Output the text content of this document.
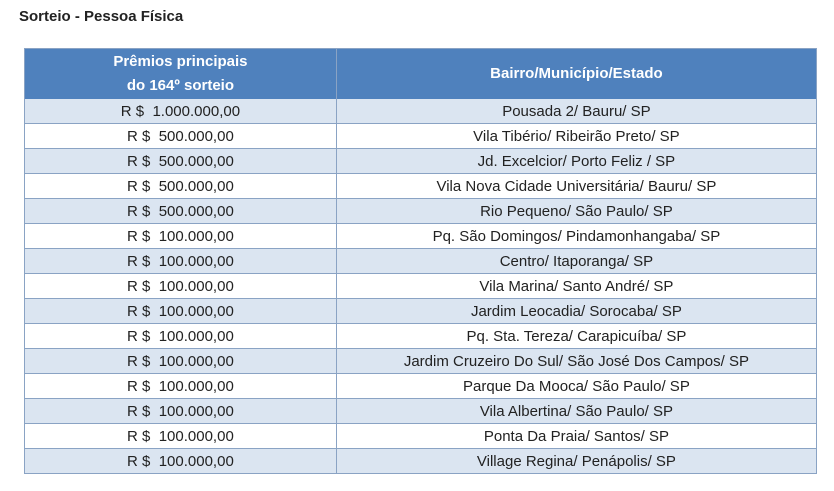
Sorteio - Pessoa Física
Prêmios principais
do 164º sorteio	Bairro/Município/Estado
R $  1.000.000,00	Pousada 2/ Bauru/ SP
R $  500.000,00	Vila Tibério/ Ribeirão Preto/ SP
R $  500.000,00	Jd. Excelcior/ Porto Feliz / SP
R $  500.000,00	Vila Nova Cidade Universitária/ Bauru/ SP
R $  500.000,00	Rio Pequeno/ São Paulo/ SP
R $  100.000,00	Pq. São Domingos/ Pindamonhangaba/ SP
R $  100.000,00	Centro/ Itaporanga/ SP
R $  100.000,00	Vila Marina/ Santo André/ SP
R $  100.000,00	Jardim Leocadia/ Sorocaba/ SP
R $  100.000,00	Pq. Sta. Tereza/ Carapicuíba/ SP
R $  100.000,00	Jardim Cruzeiro Do Sul/ São José Dos Campos/ SP
R $  100.000,00	Parque Da Mooca/ São Paulo/ SP
R $  100.000,00	Vila Albertina/ São Paulo/ SP
R $  100.000,00	Ponta Da Praia/ Santos/ SP
R $  100.000,00	Village Regina/ Penápolis/ SP
